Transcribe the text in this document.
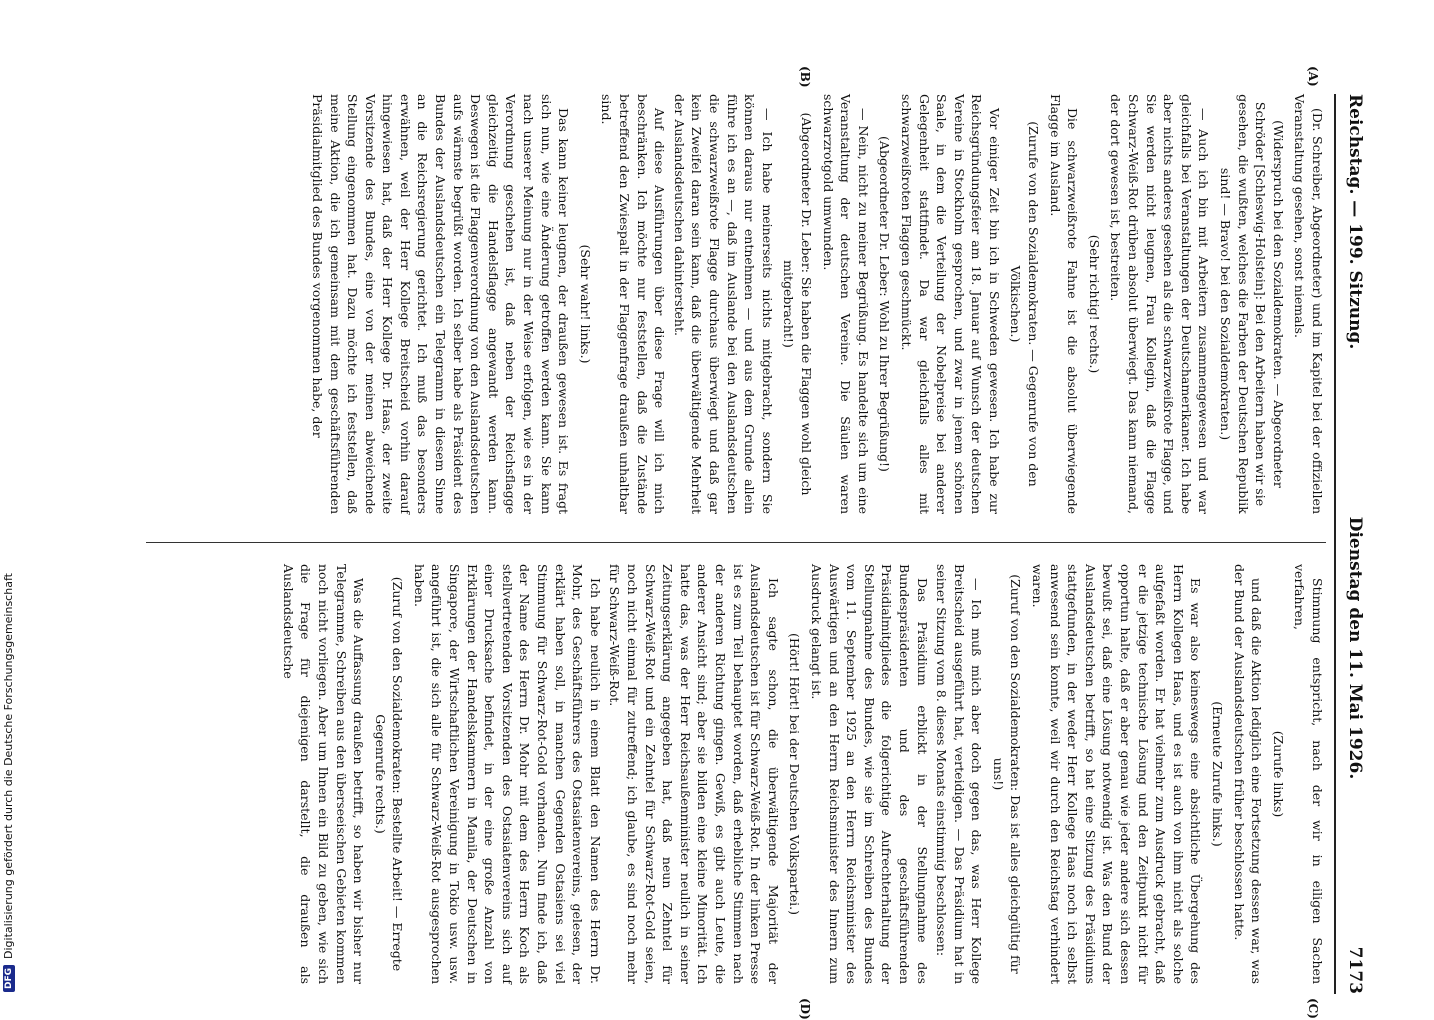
Reichstag. — 199. Sitzung.
Dienstag den 11. Mai 1926.
7173
(A)
(B)
(C)
(D)

(Dr. Schreiber, Abgeordneter) und im Kapitel bei der offiziellen Veranstaltung gesehen, sonst niemals.

(Widerspruch bei den Sozialdemokraten. — Abgeordneter Schröder [Schleswig-Holstein]: Bei den Arbeitern haben wir sie gesehen, die wußten, welches die Farben der Deutschen Republik sind! — Bravo! bei den Sozialdemokraten.)

— Auch ich bin mit Arbeitern zusammengewesen und war gleichfalls bei Veranstaltungen der Deutschamerikaner. Ich habe aber nichts anderes gesehen als die schwarzweißrote Flagge, und Sie werden nicht leugnen, Frau Kollegin, daß die Flagge Schwarz-Weiß-Rot drüben absolut überwiegt. Das kann niemand, der dort gewesen ist, bestreiten.

(Sehr richtig! rechts.)

Die schwarzweißrote Fahne ist die absolut überwiegende Flagge im Ausland.

(Zurufe von den Sozialdemokraten. — Gegenrufe von den Völkischen.)

Vor einiger Zeit bin ich in Schweden gewesen. Ich habe zur Reichsgründungsfeier am 18. Januar auf Wunsch der deutschen Vereine in Stockholm gesprochen, und zwar in jenem schönen Saale, in dem die Verteilung der Nobelpreise bei anderer Gelegenheit stattfindet. Da war gleichfalls alles mit schwarzweißroten Flaggen geschmückt.

(Abgeordneter Dr. Leber: Wohl zu Ihrer Begrüßung!)

— Nein, nicht zu meiner Begrüßung. Es handelte sich um eine Veranstaltung der deutschen Vereine. Die Säulen waren schwarzrotgold umwunden.

(Abgeordneter Dr. Leber: Sie haben die Flaggen wohl gleich mitgebracht!)

— Ich habe meinerseits nichts mitgebracht, sondern Sie können daraus nur entnehmen — und aus dem Grunde allein führe ich es an —, daß im Auslande bei den Auslandsdeutschen die schwarzweißrote Flagge durchaus überwiegt und daß gar kein Zweifel daran sein kann, daß die überwältigende Mehrheit der Auslandsdeutschen dahintersteht.

Auf diese Ausführungen über diese Frage will ich mich beschränken. Ich möchte nur feststellen, daß die Zustände betreffend den Zwiespalt in der Flaggenfrage draußen unhaltbar sind.

(Sehr wahr! links.)

Das kann keiner leugnen, der draußen gewesen ist. Es fragt sich nun, wie eine Änderung getroffen werden kann. Sie kann nach unserer Meinung nur in der Weise erfolgen, wie es in der Verordnung geschehen ist, daß neben der Reichsflagge gleichzeitig die Handelsflagge angewandt werden kann. Deswegen ist die Flaggenverordnung von den Auslandsdeutschen aufs wärmste begrüßt worden. Ich selber habe als Präsident des Bundes der Auslandsdeutschen ein Telegramm in diesem Sinne an die Reichsregierung gerichtet. Ich muß das besonders erwähnen, weil der Herr Kollege Breitscheid vorhin darauf hingewiesen hat, daß der Herr Kollege Dr. Haas, der zweite Vorsitzende des Bundes, eine von der meinen abweichende Stellung eingenommen hat. Dazu möchte ich feststellen, daß meine Aktion, die ich gemeinsam mit dem geschäftsführenden Präsidialmitglied des Bundes vorgenommen habe, der

Stimmung entspricht, nach der wir in eiligen Sachen verfahren,

(Zurufe links)

und daß die Aktion lediglich eine Fortsetzung dessen war, was der Bund der Auslandsdeutschen früher beschlossen hatte.

(Erneute Zurufe links.)

Es war also keineswegs eine absichtliche Übergehung des Herrn Kollegen Haas, und es ist auch von ihm nicht als solche aufgefaßt worden. Er hat vielmehr zum Ausdruck gebracht, daß er die jetzige technische Lösung und den Zeitpunkt nicht für opportun halte, daß er aber genau wie jeder andere sich dessen bewußt sei, daß eine Lösung notwendig ist. Was den Bund der Auslandsdeutschen betrifft, so hat eine Sitzung des Präsidiums stattgefunden, in der weder Herr Kollege Haas noch ich selbst anwesend sein konnte, weil wir durch den Reichstag verhindert waren.

(Zuruf von den Sozialdemokraten: Das ist alles gleichgültig für uns!)

— Ich muß mich aber doch gegen das, was Herr Kollege Breitscheid ausgeführt hat, verteidigen. — Das Präsidium hat in seiner Sitzung vom 8. dieses Monats einstimmig beschlossen:

Das Präsidium erblickt in der Stellungnahme des Bundespräsidenten und des geschäftsführenden Präsidialmitgliedes die folgerichtige Aufrechterhaltung der Stellungnahme des Bundes, wie sie im Schreiben des Bundes vom 11. September 1925 an den Herrn Reichsminister des Auswärtigen und an den Herrn Reichsminister des Innern zum Ausdruck gelangt ist.

(Hört! Hört! bei der Deutschen Volkspartei.)

Ich sagte schon, die überwältigende Majorität der Auslandsdeutschen ist für Schwarz-Weiß-Rot. In der linken Presse ist es zum Teil behauptet worden, daß erhebliche Stimmen nach der anderen Richtung gingen. Gewiß, es gibt auch Leute, die anderer Ansicht sind; aber sie bilden eine kleine Minorität. Ich hatte das, was der Herr Reichsaußenminister neulich in seiner Zeitungserklärung angegeben hat, daß neun Zehntel für Schwarz-Weiß-Rot und ein Zehntel für Schwarz-Rot-Gold seien, noch nicht einmal für zutreffend; ich glaube, es sind noch mehr für Schwarz-Weiß-Rot.

Ich habe neulich in einem Blatt den Namen des Herrn Dr. Mohr, des Geschäftsführers des Ostasiatenvereins, gelesen, der erklärt haben soll, in manchen Gegenden Ostasiens sei viel Stimmung für Schwarz-Rot-Gold vorhanden. Nun finde ich, daß der Name des Herrn Dr. Mohr mit dem des Herrn Koch als stellvertretenden Vorsitzenden des Ostasiatenvereins sich auf einer Drucksache befindet, in der eine große Anzahl von Erklärungen der Handelskammern in Manila, der Deutschen in Singapore, der Wirtschaftlichen Vereinigung in Tokio usw. usw. angeführt ist, die sich alle für Schwarz-Weiß-Rot ausgesprochen haben.

(Zuruf von den Sozialdemokraten: Bestellte Arbeit! — Erregte Gegenrufe rechts.)

Was die Auffassung draußen betrifft, so haben wir bisher nur Telegramme, Schreiben aus den überseeischen Gebieten kommen noch nicht vorliegen. Aber um Ihnen ein Bild zu geben, wie sich die Frage für diejenigen darstellt, die draußen als Auslandsdeutsche

DFG
Digitalisierung gefördert durch die Deutsche Forschungsgemeinschaft
